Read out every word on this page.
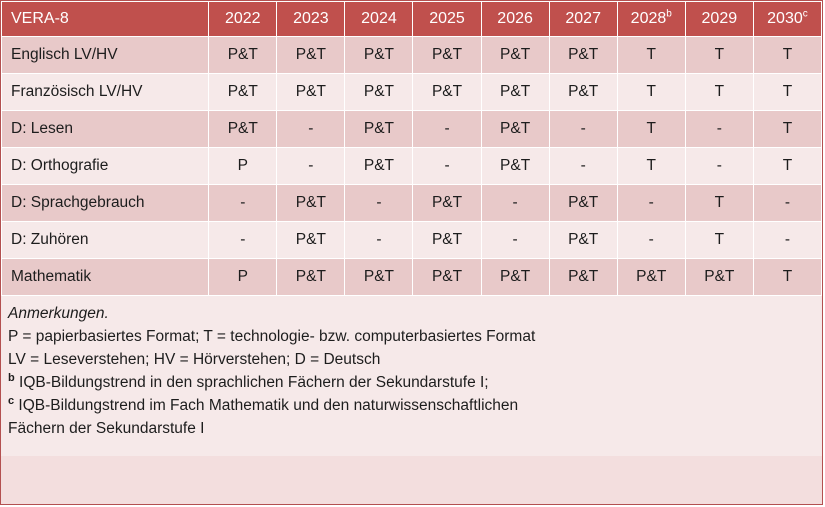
VERA-8	2022	2023	2024	2025	2026	2027	2028$^b$	2029	2030$^c$
Englisch LV/HV	P&T	P&T	P&T	P&T	P&T	P&T	T	T	T
Französisch LV/HV	P&T	P&T	P&T	P&T	P&T	P&T	T	T	T
D: Lesen	P&T	-	P&T	-	P&T	-	T	-	T
D: Orthografie	P	-	P&T	-	P&T	-	T	-	T
D: Sprachgebrauch	-	P&T	-	P&T	-	P&T	-	T	-
D: Zuhören	-	P&T	-	P&T	-	P&T	-	T	-
Mathematik	P	P&T	P&T	P&T	P&T	P&T	P&T	P&T	T
Anmerkungen.
P = papierbasiertes Format; T = technologie- bzw. computerbasiertes Format
LV = Leseverstehen; HV = Hörverstehen; D = Deutsch
$^b$ IQB-Bildungstrend in den sprachlichen Fächern der Sekundarstufe I;
$^c$ IQB-Bildungstrend im Fach Mathematik und den naturwissenschaftlichen
Fächern der Sekundarstufe I
